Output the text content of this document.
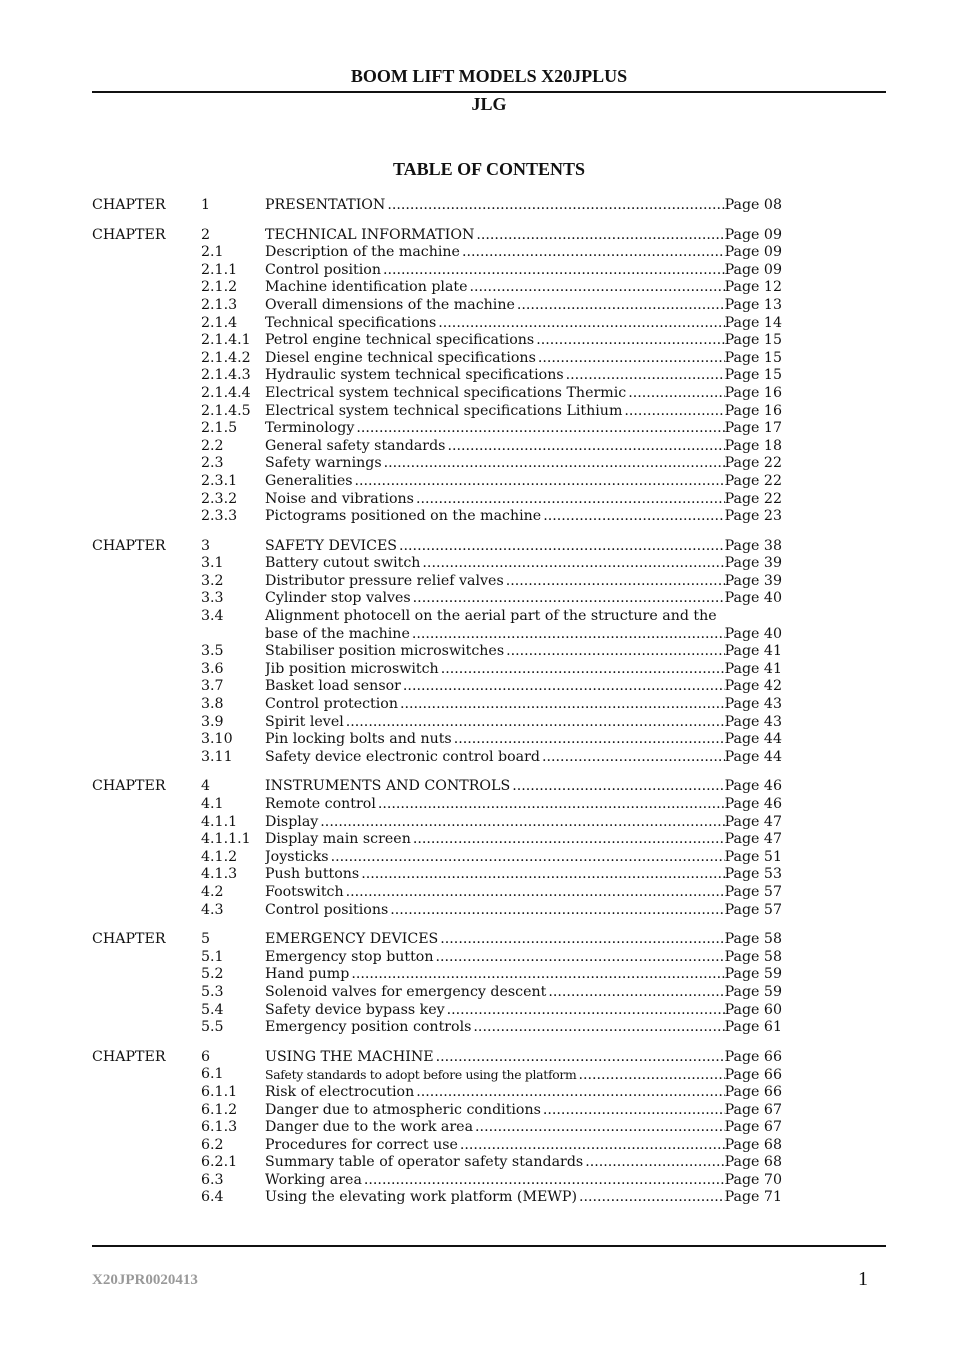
BOOM LIFT MODELS X20JPLUS
JLG
TABLE OF CONTENTS
CHAPTER 1	PRESENTATION .....	Page 08
CHAPTER 2	TECHNICAL INFORMATION .....	Page 09
2.1	Description of the machine .....	Page 09
2.1.1 Control position .....	Page 09
2.1.2 Machine identification plate .....	Page 12
2.1.3 Overall dimensions of the machine .....	Page 13
2.1.4 Technical specifications .....	Page 14
2.1.4.1 Petrol engine technical specifications .....	Page 15
2.1.4.2 Diesel engine technical specifications .....	Page 15
2.1.4.3 Hydraulic system technical specifications .....	Page 15
2.1.4.4 Electrical system technical specifications Thermic .....	Page 16
2.1.4.5 Electrical system technical specifications Lithium .....	Page 16
2.1.5 Terminology .....	Page 17
2.2	General safety standards .....	Page 18
2.3	Safety warnings .....	Page 22
2.3.1 Generalities .....	Page 22
2.3.2 Noise and vibrations .....	Page 22
2.3.3 Pictograms positioned on the machine .....	Page 23
CHAPTER 3	SAFETY DEVICES .....	Page 38
3.1	Battery cutout switch .....	Page 39
3.2	Distributor pressure relief valves .....	Page 39
3.3	Cylinder stop valves .....	Page 40
3.4	Alignment photocell on the aerial part of the structure and the
base of the machine .....	Page 40
3.5	Stabiliser position microswitches .....	Page 41
3.6	Jib position microswitch .....	Page 41
3.7	Basket load sensor .....	Page 42
3.8	Control protection .....	Page 43
3.9	Spirit level .....	Page 43
3.10 Pin locking bolts and nuts .....	Page 44
3.11 Safety device electronic control board .....	Page 44
CHAPTER 4	INSTRUMENTS AND CONTROLS .....	Page 46
4.1	Remote control .....	Page 46
4.1.1 Display .....	Page 47
4.1.1.1 Display main screen .....	Page 47
4.1.2 Joysticks .....	Page 51
4.1.3 Push buttons .....	Page 53
4.2	Footswitch .....	Page 57
4.3	Control positions .....	Page 57
CHAPTER 5	EMERGENCY DEVICES .....	Page 58
5.1	Emergency stop button .....	Page 58
5.2	Hand pump .....	Page 59
5.3	Solenoid valves for emergency descent .....	Page 59
5.4	Safety device bypass key .....	Page 60
5.5	Emergency position controls .....	Page 61
CHAPTER 6	USING THE MACHINE .....	Page 66
6.1	Safety standards to adopt before using the platform .....	Page 66
6.1.1 Risk of electrocution .....	Page 66
6.1.2 Danger due to atmospheric conditions .....	Page 67
6.1.3 Danger due to the work area .....	Page 67
6.2	Procedures for correct use .....	Page 68
6.2.1 Summary table of operator safety standards .....	Page 68
6.3	Working area .....	Page 70
6.4	Using the elevating work platform (MEWP) .....	Page 71
X20JPR0020413	1
